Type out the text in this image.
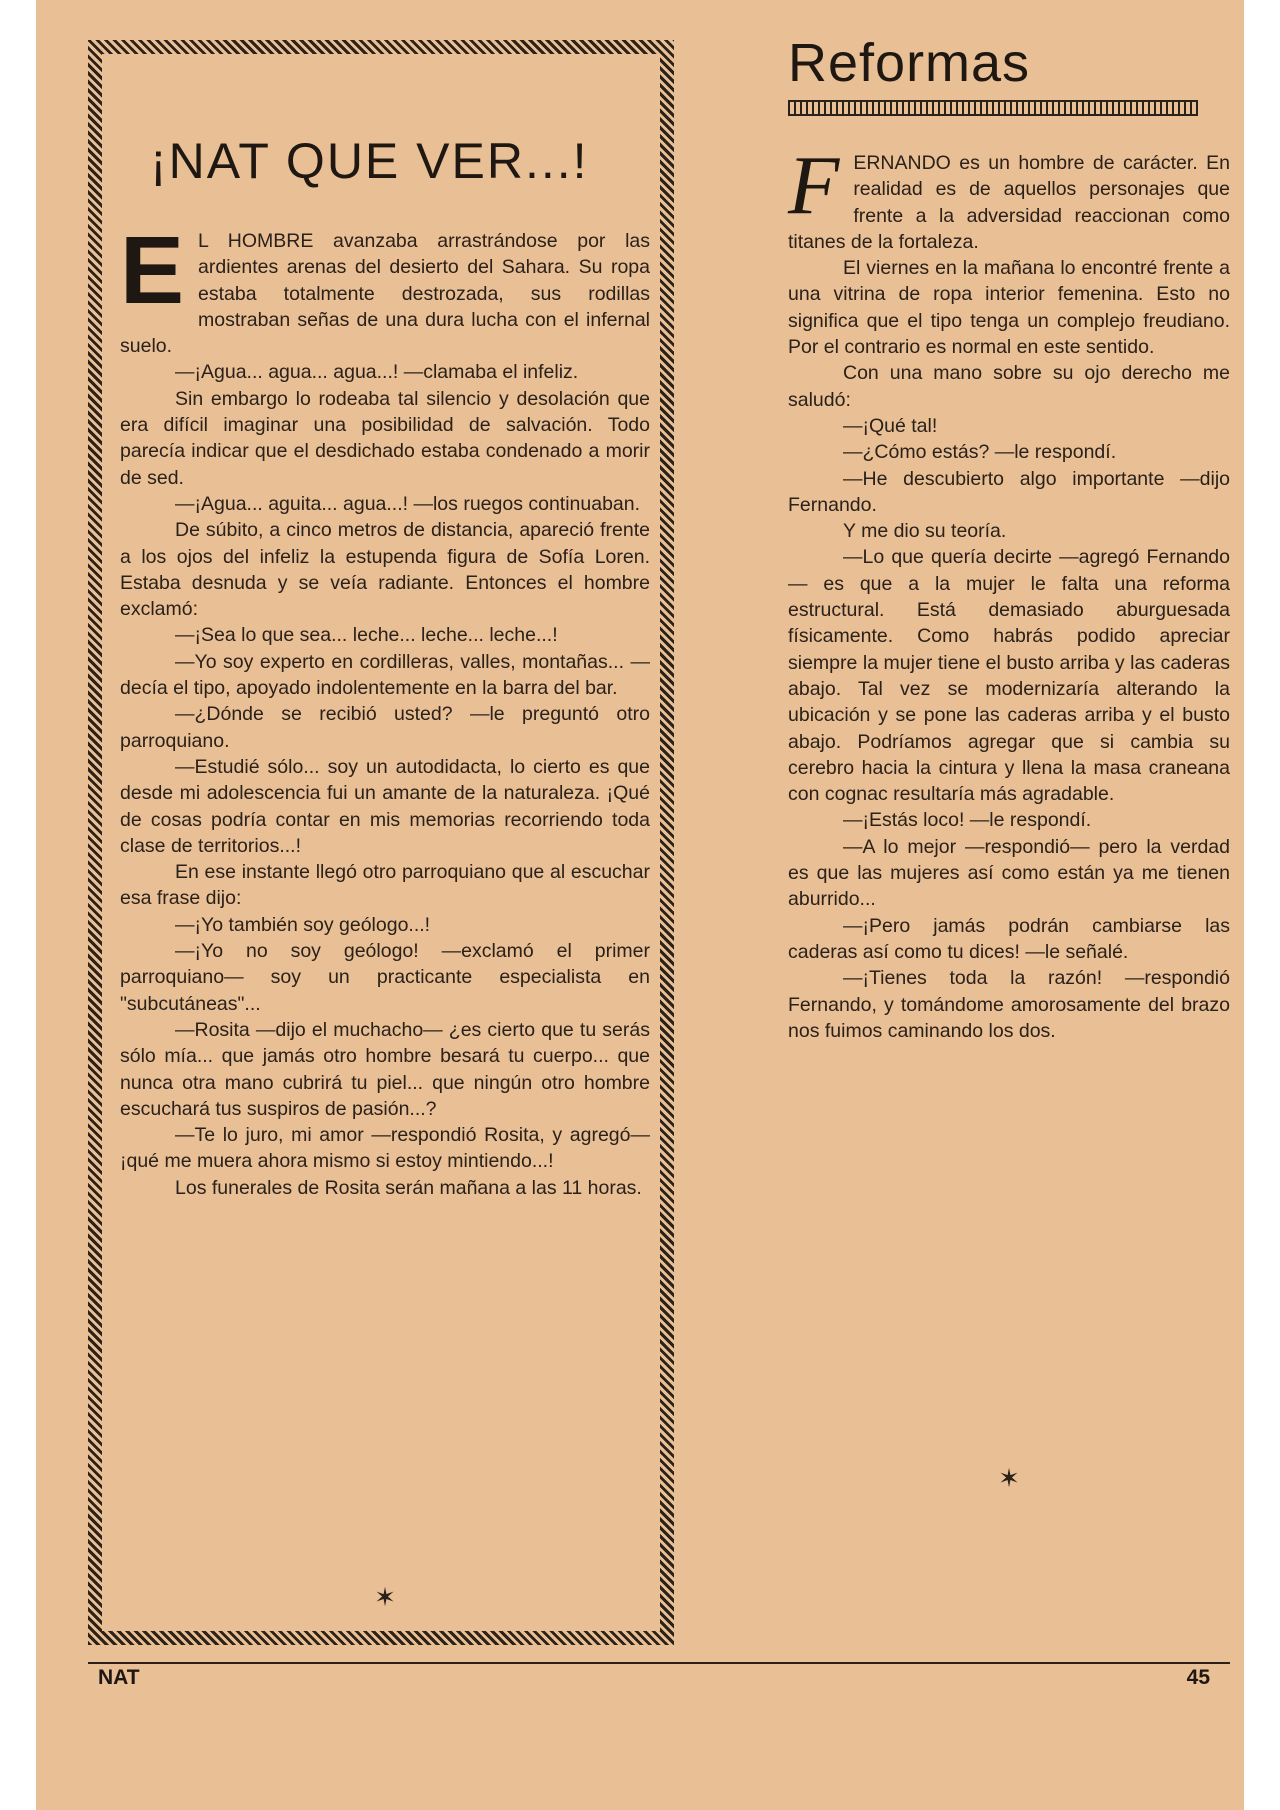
¡NAT QUE VER...!

E L HOMBRE avanzaba arrastrándose por las ardientes arenas del desierto del Sahara. Su ropa estaba totalmente destrozada, sus rodillas mostraban señas de una dura lucha con el infernal suelo.

—¡Agua... agua... agua...! —clamaba el infeliz.

Sin embargo lo rodeaba tal silencio y desolación que era difícil imaginar una posibilidad de salvación. Todo parecía indicar que el desdichado estaba condenado a morir de sed.

—¡Agua... aguita... agua...! —los ruegos continuaban.

De súbito, a cinco metros de distancia, apareció frente a los ojos del infeliz la estupenda figura de Sofía Loren. Estaba desnuda y se veía radiante. Entonces el hombre exclamó:

—¡Sea lo que sea... leche... leche... leche...!

—Yo soy experto en cordilleras, valles, montañas... —decía el tipo, apoyado indolentemente en la barra del bar.

—¿Dónde se recibió usted? —le preguntó otro parroquiano.

—Estudié sólo... soy un autodidacta, lo cierto es que desde mi adolescencia fui un amante de la naturaleza. ¡Qué de cosas podría contar en mis memorias recorriendo toda clase de territorios...!

En ese instante llegó otro parroquiano que al escuchar esa frase dijo:

—¡Yo también soy geólogo...!

—¡Yo no soy geólogo! —exclamó el primer parroquiano— soy un practicante especialista en "subcutáneas"...

—Rosita —dijo el muchacho— ¿es cierto que tu serás sólo mía... que jamás otro hombre besará tu cuerpo... que nunca otra mano cubrirá tu piel... que ningún otro hombre escuchará tus suspiros de pasión...?

—Te lo juro, mi amor —respondió Rosita, y agregó— ¡qué me muera ahora mismo si estoy mintiendo...!

Los funerales de Rosita serán mañana a las 11 horas.

✶
Reformas

FERNANDO es un hombre de carácter. En realidad es de aquellos personajes que frente a la adversidad reaccionan como titanes de la fortaleza.

El viernes en la mañana lo encontré frente a una vitrina de ropa interior femenina. Esto no significa que el tipo tenga un complejo freudiano. Por el contrario es normal en este sentido.

Con una mano sobre su ojo derecho me saludó:

—¡Qué tal!

—¿Cómo estás? —le respondí.

—He descubierto algo importante —dijo Fernando.

Y me dio su teoría.

—Lo que quería decirte —agregó Fernando— es que a la mujer le falta una reforma estructural. Está demasiado aburguesada físicamente. Como habrás podido apreciar siempre la mujer tiene el busto arriba y las caderas abajo. Tal vez se modernizaría alterando la ubicación y se pone las caderas arriba y el busto abajo. Podríamos agregar que si cambia su cerebro hacia la cintura y llena la masa craneana con cognac resultaría más agradable.

—¡Estás loco! —le respondí.

—A lo mejor —respondió— pero la verdad es que las mujeres así como están ya me tienen aburrido...

—¡Pero jamás podrán cambiarse las caderas así como tu dices! —le señalé.

—¡Tienes toda la razón! —respondió Fernando, y tomándome amorosamente del brazo nos fuimos caminando los dos.

✶
NAT	45
